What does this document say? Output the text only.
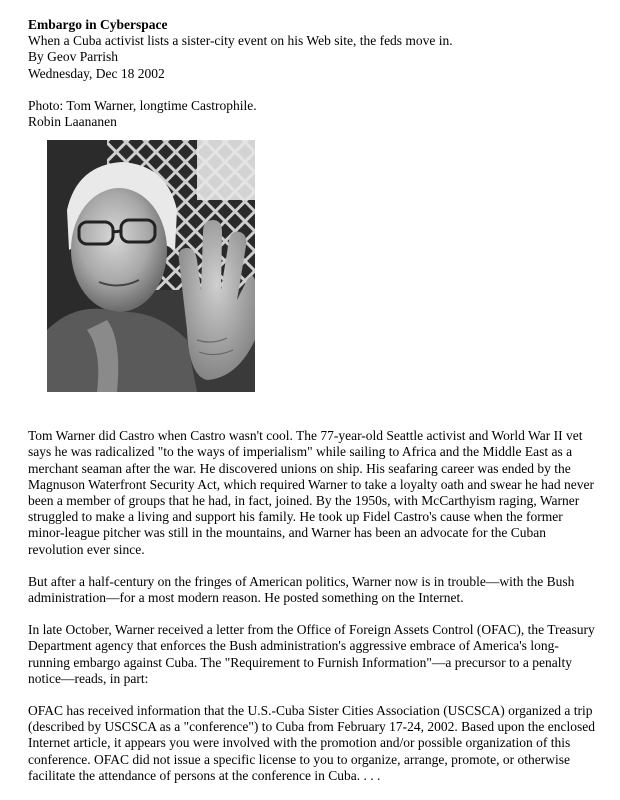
Embargo in Cyberspace

When a Cuba activist lists a sister-city event on his Web site, the feds move in.

By Geov Parrish

Wednesday, Dec 18 2002

Photo: Tom Warner, longtime Castrophile.

Robin Laananen

Tom Warner did Castro when Castro wasn't cool. The 77-year-old Seattle activist and World War II vet says he was radicalized "to the ways of imperialism" while sailing to Africa and the Middle East as a merchant seaman after the war. He discovered unions on ship. His seafaring career was ended by the Magnuson Waterfront Security Act, which required Warner to take a loyalty oath and swear he had never been a member of groups that he had, in fact, joined. By the 1950s, with McCarthyism raging, Warner struggled to make a living and support his family. He took up Fidel Castro's cause when the former minor-league pitcher was still in the mountains, and Warner has been an advocate for the Cuban revolution ever since.

But after a half-century on the fringes of American politics, Warner now is in trouble—with the Bush administration—for a most modern reason. He posted something on the Internet.

In late October, Warner received a letter from the Office of Foreign Assets Control (OFAC), the Treasury Department agency that enforces the Bush administration's aggressive embrace of America's long- running embargo against Cuba. The "Requirement to Furnish Information"—a precursor to a penalty notice—reads, in part:

OFAC has received information that the U.S.-Cuba Sister Cities Association (USCSCA) organized a trip (described by USCSCA as a "conference") to Cuba from February 17-24, 2002. Based upon the enclosed Internet article, it appears you were involved with the promotion and/or possible organization of this conference. OFAC did not issue a specific license to you to organize, arrange, promote, or otherwise facilitate the attendance of persons at the conference in Cuba. . . .
